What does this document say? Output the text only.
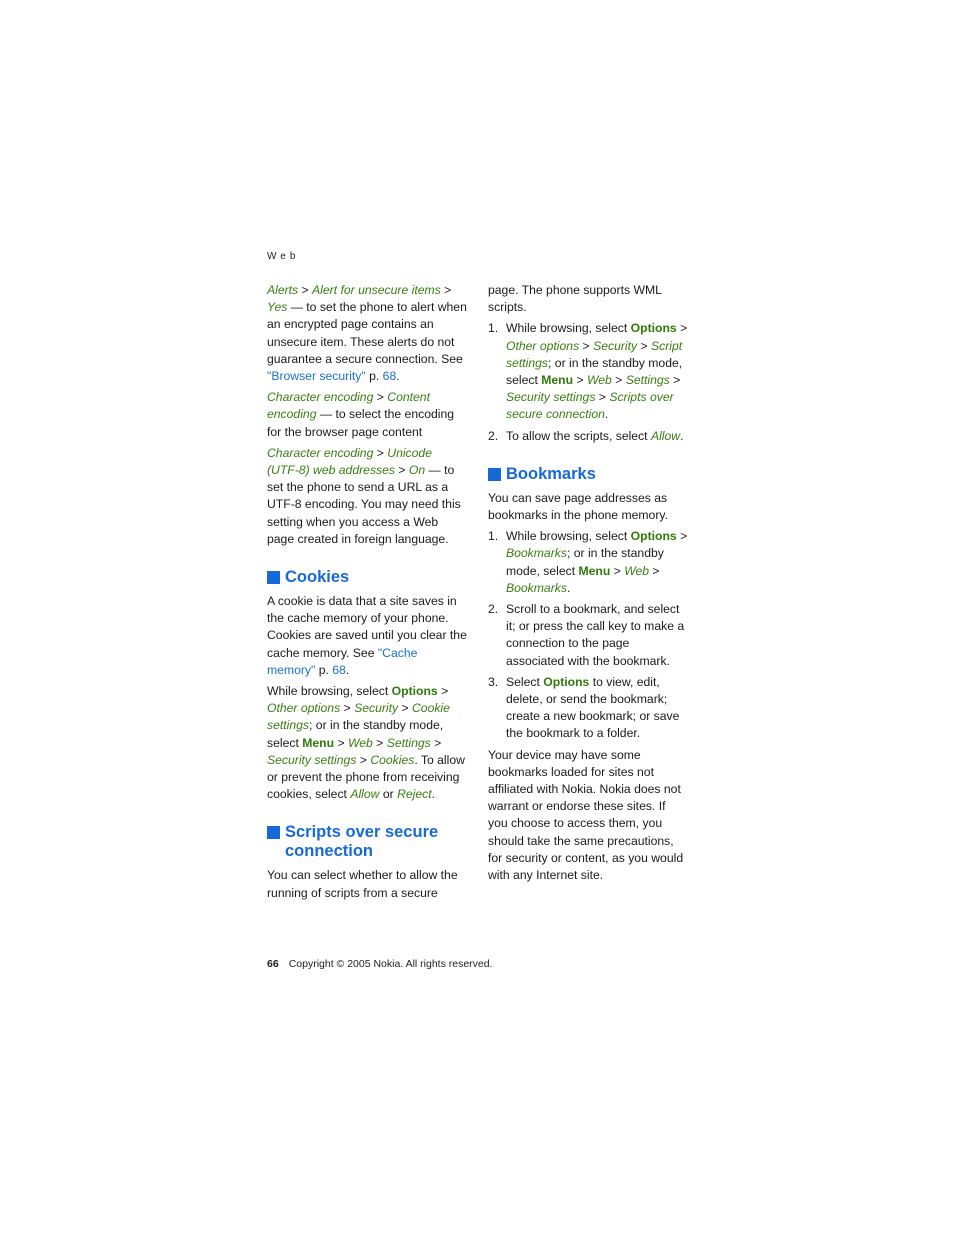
Web

Alerts > Alert for unsecure items > Yes — to set the phone to alert when an encrypted page contains an unsecure item. These alerts do not guarantee a secure connection. See "Browser security" p. 68.

Character encoding > Content encoding — to select the encoding for the browser page content

Character encoding > Unicode (UTF-8) web addresses > On — to set the phone to send a URL as a UTF-8 encoding. You may need this setting when you access a Web page created in foreign language.

Cookies

A cookie is data that a site saves in the cache memory of your phone. Cookies are saved until you clear the cache memory. See "Cache memory" p. 68.

While browsing, select Options > Other options > Security > Cookie settings; or in the standby mode, select Menu > Web > Settings > Security settings > Cookies. To allow or prevent the phone from receiving cookies, select Allow or Reject.

Scripts over secure connection

You can select whether to allow the running of scripts from a secure

page. The phone supports WML scripts.

1. While browsing, select Options > Other options > Security > Script settings; or in the standby mode, select Menu > Web > Settings > Security settings > Scripts over secure connection.
2. To allow the scripts, select Allow.
Bookmarks

You can save page addresses as bookmarks in the phone memory.

1. While browsing, select Options > Bookmarks; or in the standby mode, select Menu > Web > Bookmarks.
2. Scroll to a bookmark, and select it; or press the call key to make a connection to the page associated with the bookmark.
3. Select Options to view, edit, delete, or send the bookmark; create a new bookmark; or save the bookmark to a folder.

Your device may have some bookmarks loaded for sites not affiliated with Nokia. Nokia does not warrant or endorse these sites. If you choose to access them, you should take the same precautions, for security or content, as you would with any Internet site.

66 Copyright © 2005 Nokia. All rights reserved.
